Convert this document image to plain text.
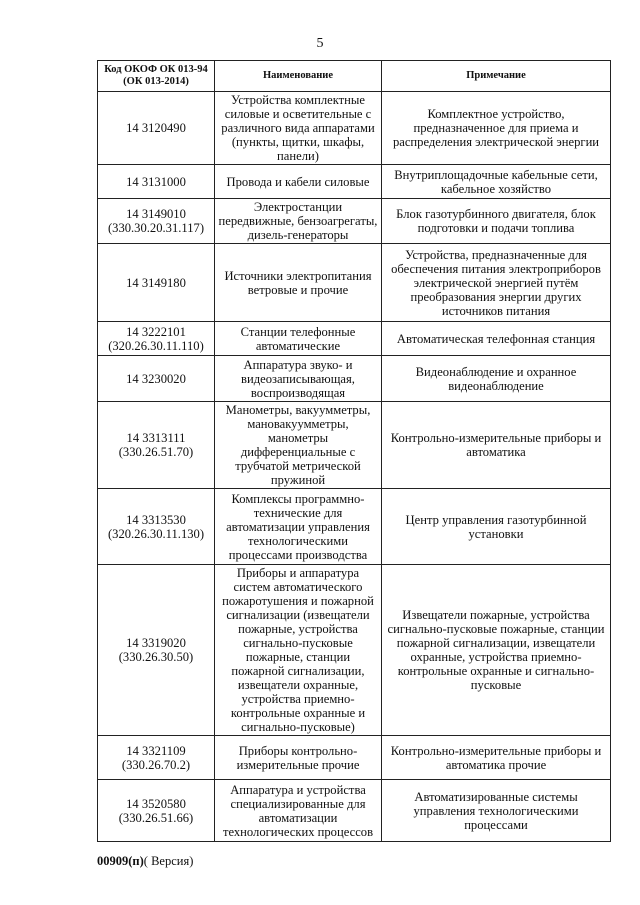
5
Код ОКОФ ОК 013-94 (ОК 013-2014)	Наименование	Примечание
14 3120490	Устройства комплектные силовые и осветительные с различного вида аппаратами (пункты, щитки, шкафы, панели)	Комплектное устройство, предназначенное для приема и распределения электрической энергии
14 3131000	Провода и кабели силовые	Внутриплощадочные кабельные сети, кабельное хозяйство
14 3149010 (330.30.20.31.117)	Электростанции передвижные, бензоагрегаты, дизель-генераторы	Блок газотурбинного двигателя, блок подготовки и подачи топлива
14 3149180	Источники электропитания ветровые и прочие	Устройства, предназначенные для обеспечения питания электроприборов электрической энергией путём преобразования энергии других источников питания
14 3222101 (320.26.30.11.110)	Станции телефонные автоматические	Автоматическая телефонная станция
14 3230020	Аппаратура звуко- и видеозаписывающая, воспроизводящая	Видеонаблюдение и охранное видеонаблюдение
14 3313111 (330.26.51.70)	Манометры, вакуумметры, мановакуумметры, манометры дифференциальные с трубчатой метрической пружиной	Контрольно-измерительные приборы и автоматика
14 3313530 (320.26.30.11.130)	Комплексы программно-технические для автоматизации управления технологическими процессами производства	Центр управления газотурбинной установки
14 3319020 (330.26.30.50)	Приборы и аппаратура систем автоматического пожаротушения и пожарной сигнализации (извещатели пожарные, устройства сигнально-пусковые пожарные, станции пожарной сигнализации, извещатели охранные, устройства приемно-контрольные охранные и сигнально-пусковые)	Извещатели пожарные, устройства сигнально-пусковые пожарные, станции пожарной сигнализации, извещатели охранные, устройства приемно-контрольные охранные и сигнально-пусковые
14 3321109 (330.26.70.2)	Приборы контрольно-измерительные прочие	Контрольно-измерительные приборы и автоматика прочие
14 3520580 (330.26.51.66)	Аппаратура и устройства специализированные для автоматизации технологических процессов	Автоматизированные системы управления технологическими процессами
00909(п)( Версия)
